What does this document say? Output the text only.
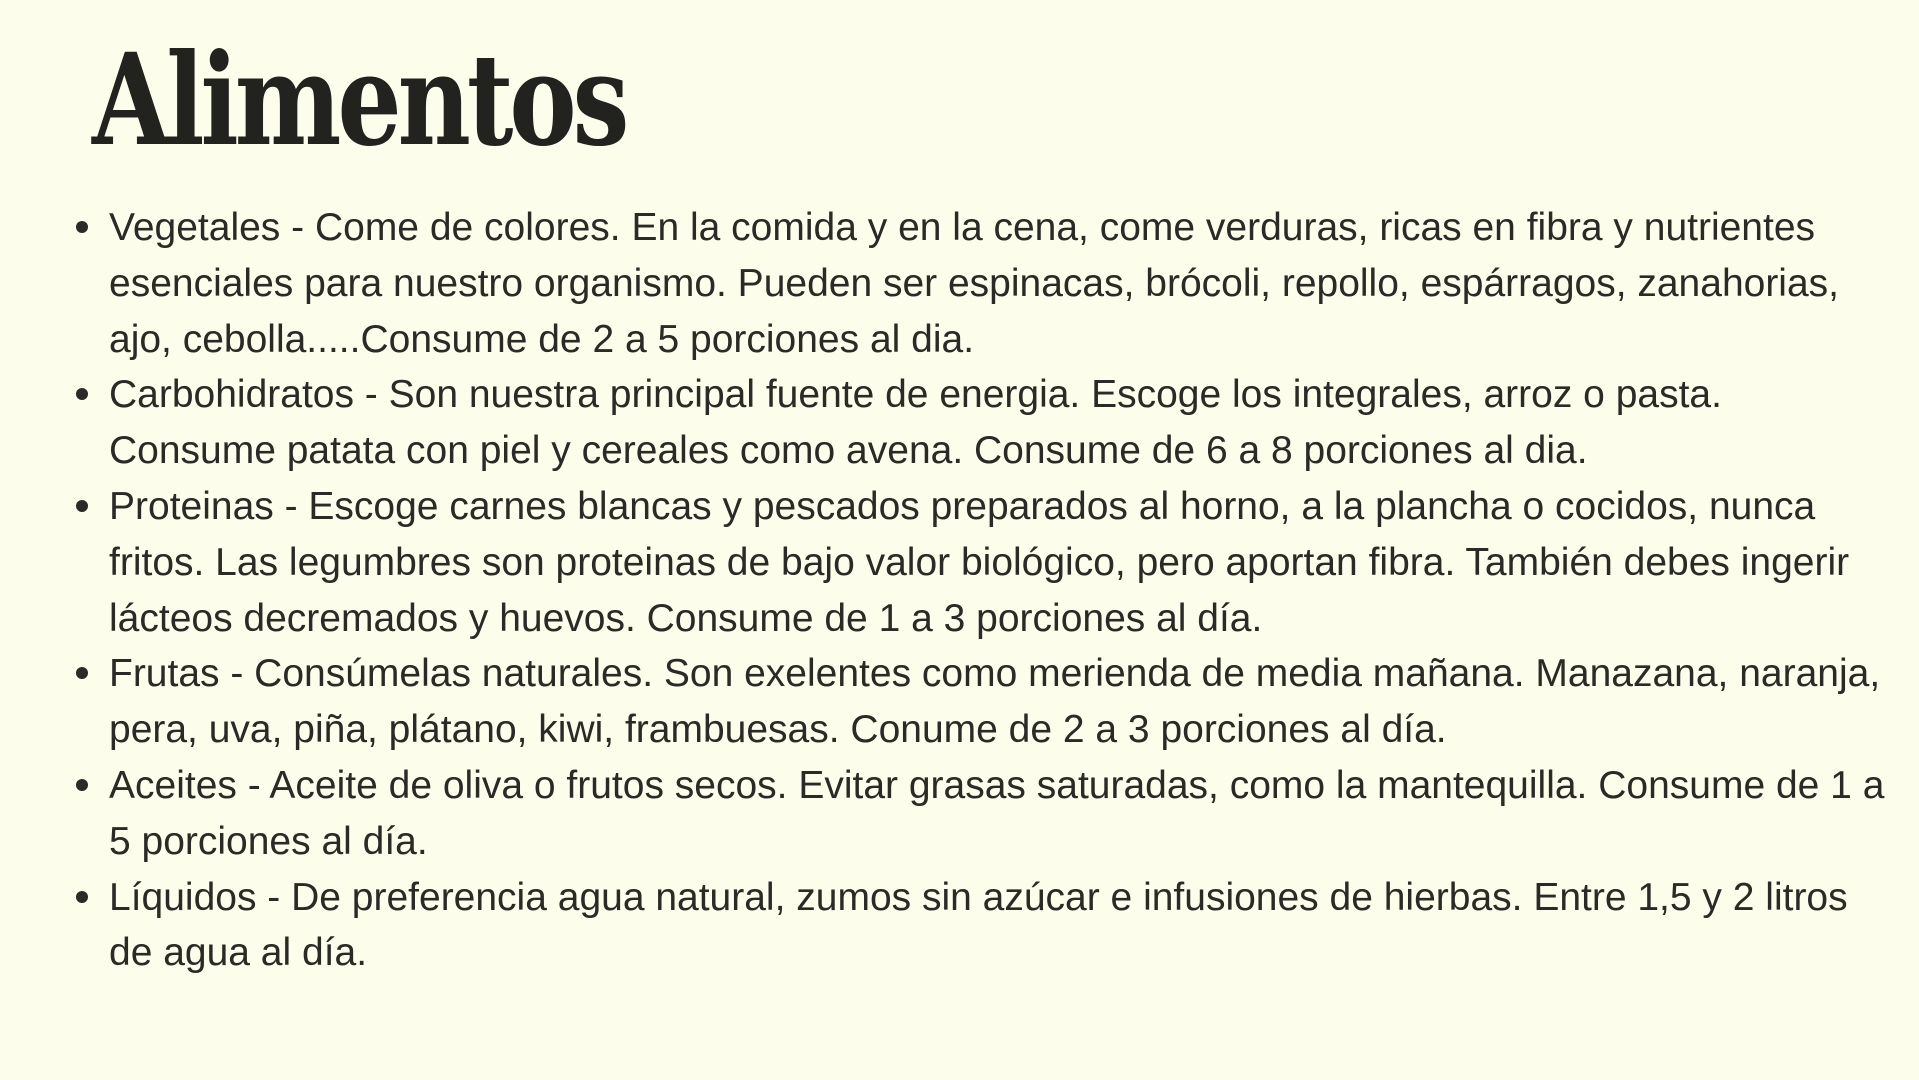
Alimentos
Vegetales - Come de colores. En la comida y en la cena, come verduras, ricas en fibra y nutrientes esenciales para nuestro organismo. Pueden ser espinacas, brócoli, repollo, espárragos, zanahorias, ajo, cebolla.....Consume de 2 a 5 porciones al dia.
Carbohidratos - Son nuestra principal fuente de energia. Escoge los integrales, arroz o pasta. Consume patata con piel y cereales como avena. Consume de 6 a 8 porciones al dia.
Proteinas - Escoge carnes blancas y pescados preparados al horno, a la plancha o cocidos, nunca fritos. Las legumbres son proteinas de bajo valor biológico, pero aportan fibra. También debes ingerir lácteos decremados y huevos. Consume de 1 a 3 porciones al día.
Frutas - Consúmelas naturales. Son exelentes como merienda de media mañana. Manazana, naranja, pera, uva, piña, plátano, kiwi, frambuesas. Conume de 2 a 3 porciones al día.
Aceites - Aceite de oliva o frutos secos. Evitar grasas saturadas, como la mantequilla. Consume de 1 a 5 porciones al día.
Líquidos - De preferencia agua natural, zumos sin azúcar e infusiones de hierbas. Entre 1,5 y 2 litros de agua al día.
